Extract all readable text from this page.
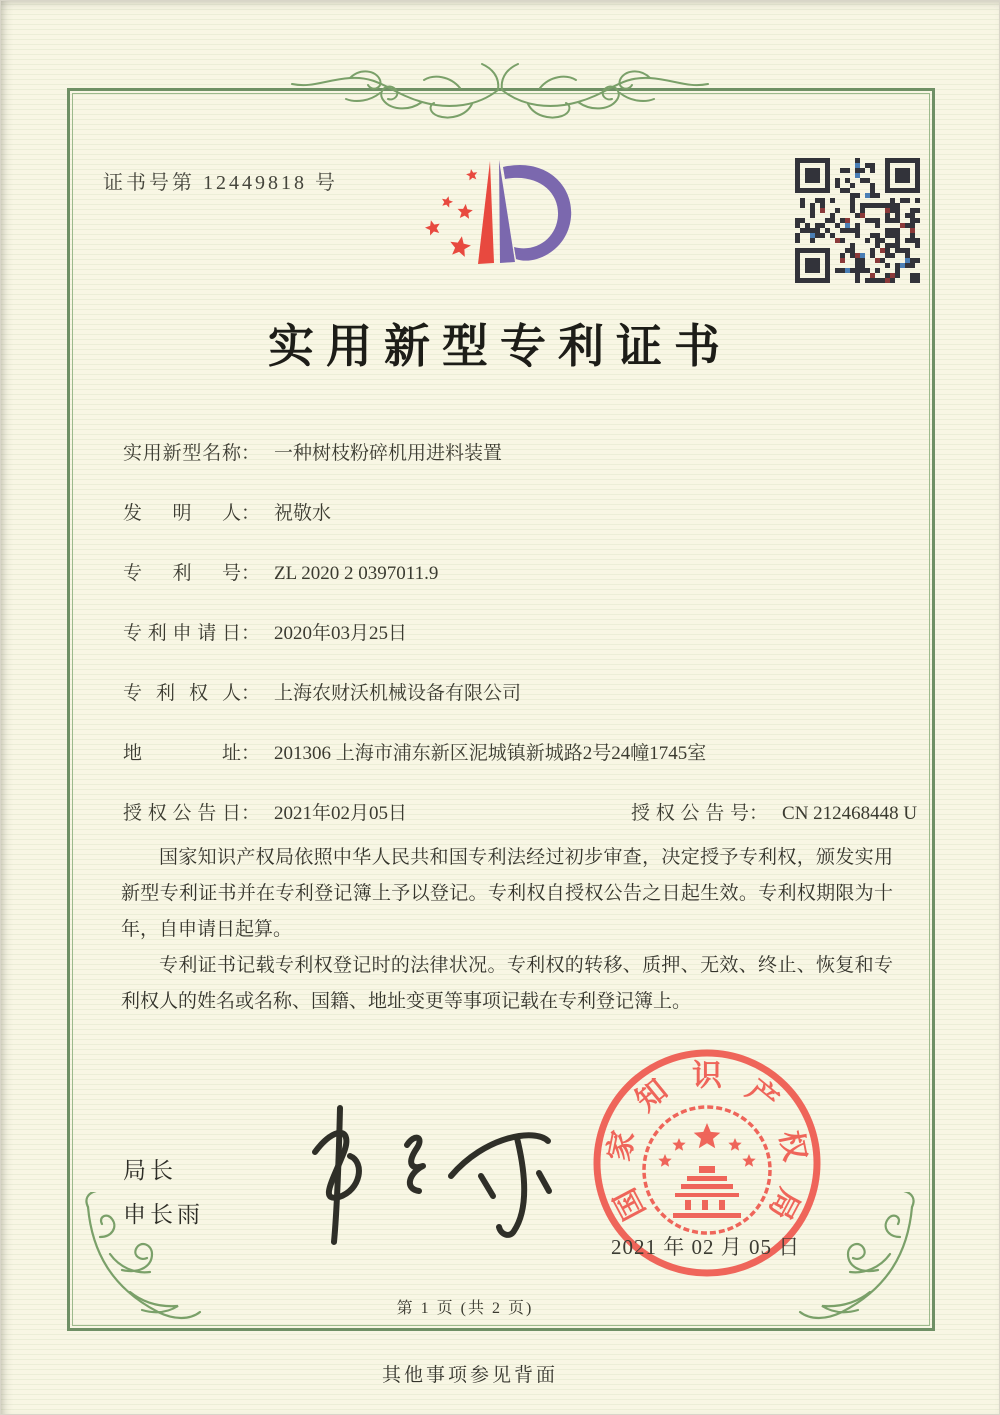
证书号第 12449818 号
实用新型专利证书
实用新型名称： 一种树枝粉碎机用进料装置
发明人： 祝敬水
专利号： ZL 2020 2 0397011.9
专利申请日： 2020年03月25日
专利权人： 上海农财沃机械设备有限公司
地址： 201306 上海市浦东新区泥城镇新城路2号24幢1745室
授权公告日： 2021年02月05日	授权公告号： CN 212468448 U

国家知识产权局依照中华人民共和国专利法经过初步审查，决定授予专利权，颁发实用新型专利证书并在专利登记簿上予以登记。专利权自授权公告之日起生效。专利权期限为十年，自申请日起算。

专利证书记载专利权登记时的法律状况。专利权的转移、质押、无效、终止、恢复和专利权人的姓名或名称、国籍、地址变更等事项记载在专利登记簿上。

局长
申长雨
2021 年 02 月 05 日
国
家
知 识 产
权
局
第 1 页 (共 2 页)
其他事项参见背面
